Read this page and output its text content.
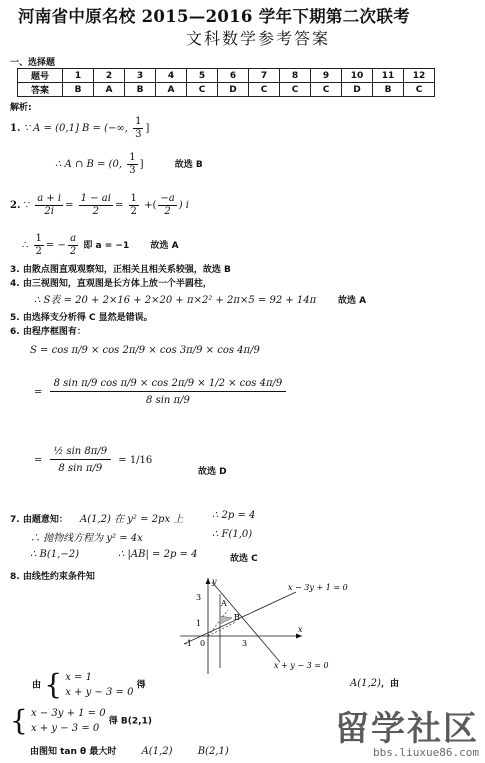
河南省中原名校 2015—2016 学年下期第二次联考
文科数学参考答案
一、选择题
题号	1	2	3	4	5	6	7	8	9	10	11	12
答案	B	A	B	A	C	D	C	C	C	D	B	C
解析:
1. ∵ A = (0,1] B = (−∞, $\frac{1}{3}$ ]
∴ A ∩ B = (0, $\frac{1}{3}$ ]	故选 B
2. ∵ $\frac{a + i}{2i} = \frac{1 - ai}{2} = \frac{1}{2}$ +( $\frac{-a}{2}$ ) i
∴ $\frac{1}{2}$ = − $\frac{a}{2}$ 即 a = −1 故选 A
3. 由散点图直观观察知，正相关且相关系较强，故选 B
4. 由三视图知，直观图是长方体上放一个半圆柱，
∴ S表 = 20 + 2×16 + 2×20 + π×2² + 2π×5 = 92 + 14π 故选 A
5. 由选择支分析得 C 显然是错误。
6. 由程序框图有：
S = cos π/9 × cos 2π/9 × cos 3π/9 × cos 4π/9
= $\frac{\text{8 sin π/9 cos π/9 × cos 2π/9 × 1/2 × cos 4π/9}}{\text{8 sin π/9}}$
= $\frac{\text{½ sin 8π/9}}{\text{8 sin π/9}} = 1/16$
故选 D
7. 由题意知： A(1,2) 在 y² = 2px 上	∴ 2p = 4
∴ 抛物线方程为 y² = 4x	∴ F(1,0)
∴ B(1,−2)	∴ |AB| = 2p = 4	故选 C
8. 由线性约束条件知
x − 3y + 1 = 0
x + y − 3 = 0
y
x
3
1
3
-1 0
A
B
由 { x = 1
x + y − 3 = 0
得	A(1,2)，由
{ x − 3y + 1 = 0
x + y − 3 = 0
得 B(2,1)
由图知 tan θ 最大时	A(1,2)	B(2,1)
留学社区
bbs.liuxue86.com
